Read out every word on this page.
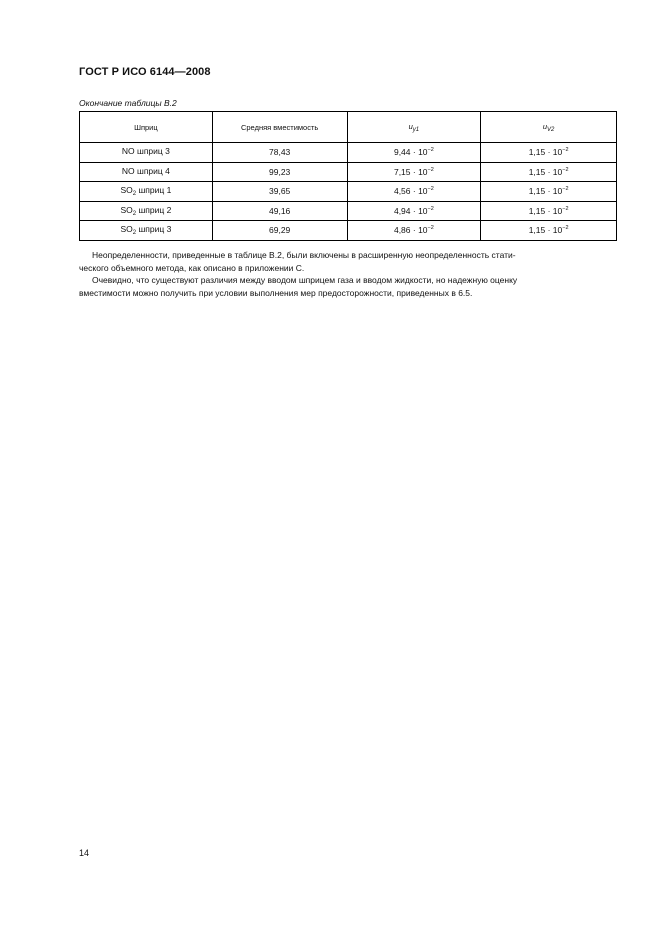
ГОСТ Р ИСО 6144—2008
Окончание таблицы B.2
Шприц	Средняя вместимость	$u_{y1}$	$u_{V2}$
NO шприц 3	78,43	$9,44 \cdot 10^{-2}$	$1,15 \cdot 10^{-2}$
NO шприц 4	99,23	$7,15 \cdot 10^{-2}$	$1,15 \cdot 10^{-2}$
$SO_2$ шприц 1	39,65	$4,56 \cdot 10^{-2}$	$1,15 \cdot 10^{-2}$
$SO_2$ шприц 2	49,16	$4,94 \cdot 10^{-2}$	$1,15 \cdot 10^{-2}$
$SO_2$ шприц 3	69,29	$4,86 \cdot 10^{-2}$	$1,15 \cdot 10^{-2}$
Неопределенности, приведенные в таблице B.2, были включены в расширенную неопределенность стати-
ческого объемного метода, как описано в приложении C.
Очевидно, что существуют различия между вводом шприцем газа и вводом жидкости, но надежную оценку
вместимости можно получить при условии выполнения мер предосторожности, приведенных в 6.5.
14
